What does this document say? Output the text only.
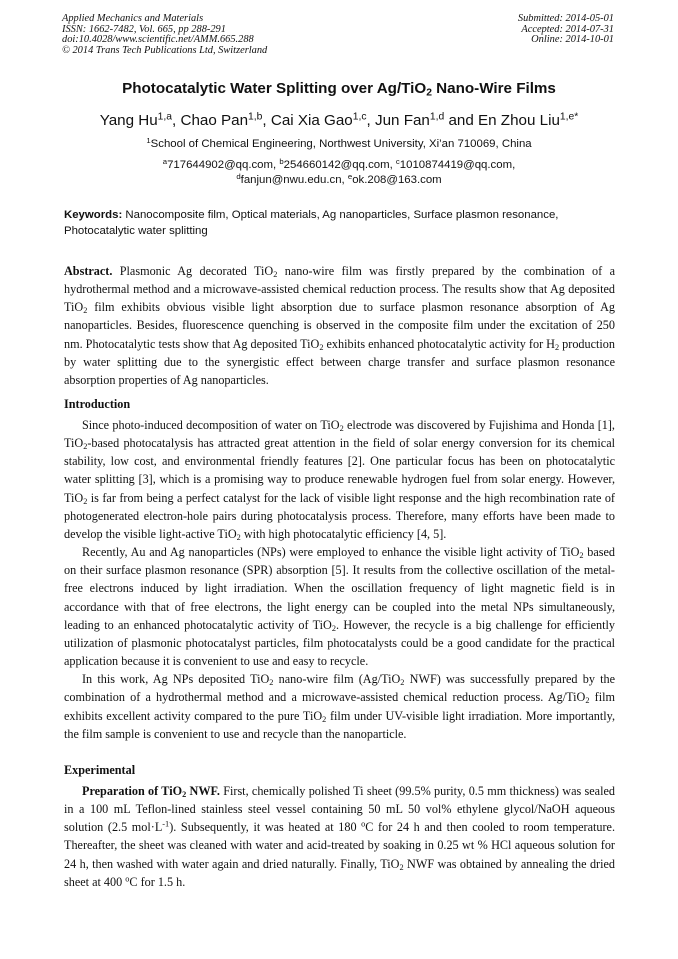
Applied Mechanics and Materials
ISSN: 1662-7482, Vol. 665, pp 288-291
doi:10.4028/www.scientific.net/AMM.665.288
© 2014 Trans Tech Publications Ltd, Switzerland
Submitted: 2014-05-01
Accepted: 2014-07-31
Online: 2014-10-01
Photocatalytic Water Splitting over Ag/TiO$_2$ Nano-Wire Films
Yang Hu$^{1,a}$, Chao Pan$^{1,b}$, Cai Xia Gao$^{1,c}$, Jun Fan$^{1,d}$ and En Zhou Liu$^{1,e*}$
$^1$School of Chemical Engineering, Northwest University, Xi’an 710069, China
$^a$717644902@qq.com, $^b$254660142@qq.com, $^c$1010874419@qq.com, $^d$fanjun@nwu.edu.cn, $^e$ok.208@163.com
Keywords: Nanocomposite film, Optical materials, Ag nanoparticles, Surface plasmon resonance, Photocatalytic water splitting

Abstract. Plasmonic Ag decorated TiO$_2$ nano-wire film was firstly prepared by the combination of a hydrothermal method and a microwave-assisted chemical reduction process. The results show that Ag deposited TiO$_2$ film exhibits obvious visible light absorption due to surface plasmon resonance absorption of Ag nanoparticles. Besides, fluorescence quenching is observed in the composite film under the excitation of 250 nm. Photocatalytic tests show that Ag deposited TiO$_2$ exhibits enhanced photocatalytic activity for $H_2$ production by water splitting due to the synergistic effect between charge transfer and surface plasmon resonance absorption properties of Ag nanoparticles.

Introduction

Since photo-induced decomposition of water on TiO$_2$ electrode was discovered by Fujishima and Honda [1], TiO$_2$-based photocatalysis has attracted great attention in the field of solar energy conversion for its chemical stability, low cost, and environmental friendly features [2]. One particular focus has been on photocatalytic water splitting [3], which is a promising way to produce renewable hydrogen fuel from solar energy. However, TiO$_2$ is far from being a perfect catalyst for the lack of visible light response and the high recombination rate of photogenerated electron-hole pairs during photocatalysis process. Therefore, many efforts have been made to develop the visible light-active TiO$_2$ with high photocatalytic efficiency [4, 5].

Recently, Au and Ag nanoparticles (NPs) were employed to enhance the visible light activity of TiO$_2$ based on their surface plasmon resonance (SPR) absorption [5]. It results from the collective oscillation of the metal-free electrons induced by light irradiation. When the oscillation frequency of light magnetic field is in accordance with that of free electrons, the light energy can be coupled into the metal NPs simultaneously, leading to an enhanced photocatalytic activity of TiO$_2$. However, the recycle is a big challenge for efficiently utilization of plasmonic photocatalyst particles, film photocatalysts could be a good candidate for the practical application because it is convenient to use and easy to recycle.

In this work, Ag NPs deposited TiO$_2$ nano-wire film (Ag/TiO$_2$ NWF) was successfully prepared by the combination of a hydrothermal method and a microwave-assisted chemical reduction process. Ag/TiO$_2$ film exhibits excellent activity compared to the pure TiO$_2$ film under UV-visible light irradiation. More importantly, the film sample is convenient to use and recycle than the nanoparticle.

Experimental

Preparation of TiO$_2$ NWF. First, chemically polished Ti sheet (99.5% purity, 0.5 mm thickness) was sealed in a 100 mL Teflon-lined stainless steel vessel containing 50 mL 50 vol% ethylene glycol/NaOH aqueous solution (2.5 $mol\cdot L^{-1}$). Subsequently, it was heated at 180 $^o$C for 24 h and then cooled to room temperature. Thereafter, the sheet was cleaned with water and acid-treated by soaking in 0.25 wt % HCl aqueous solution for 24 h, then washed with water again and dried naturally. Finally, TiO$_2$ NWF was obtained by annealing the dried sheet at 400 $^o$C for 1.5 h.
